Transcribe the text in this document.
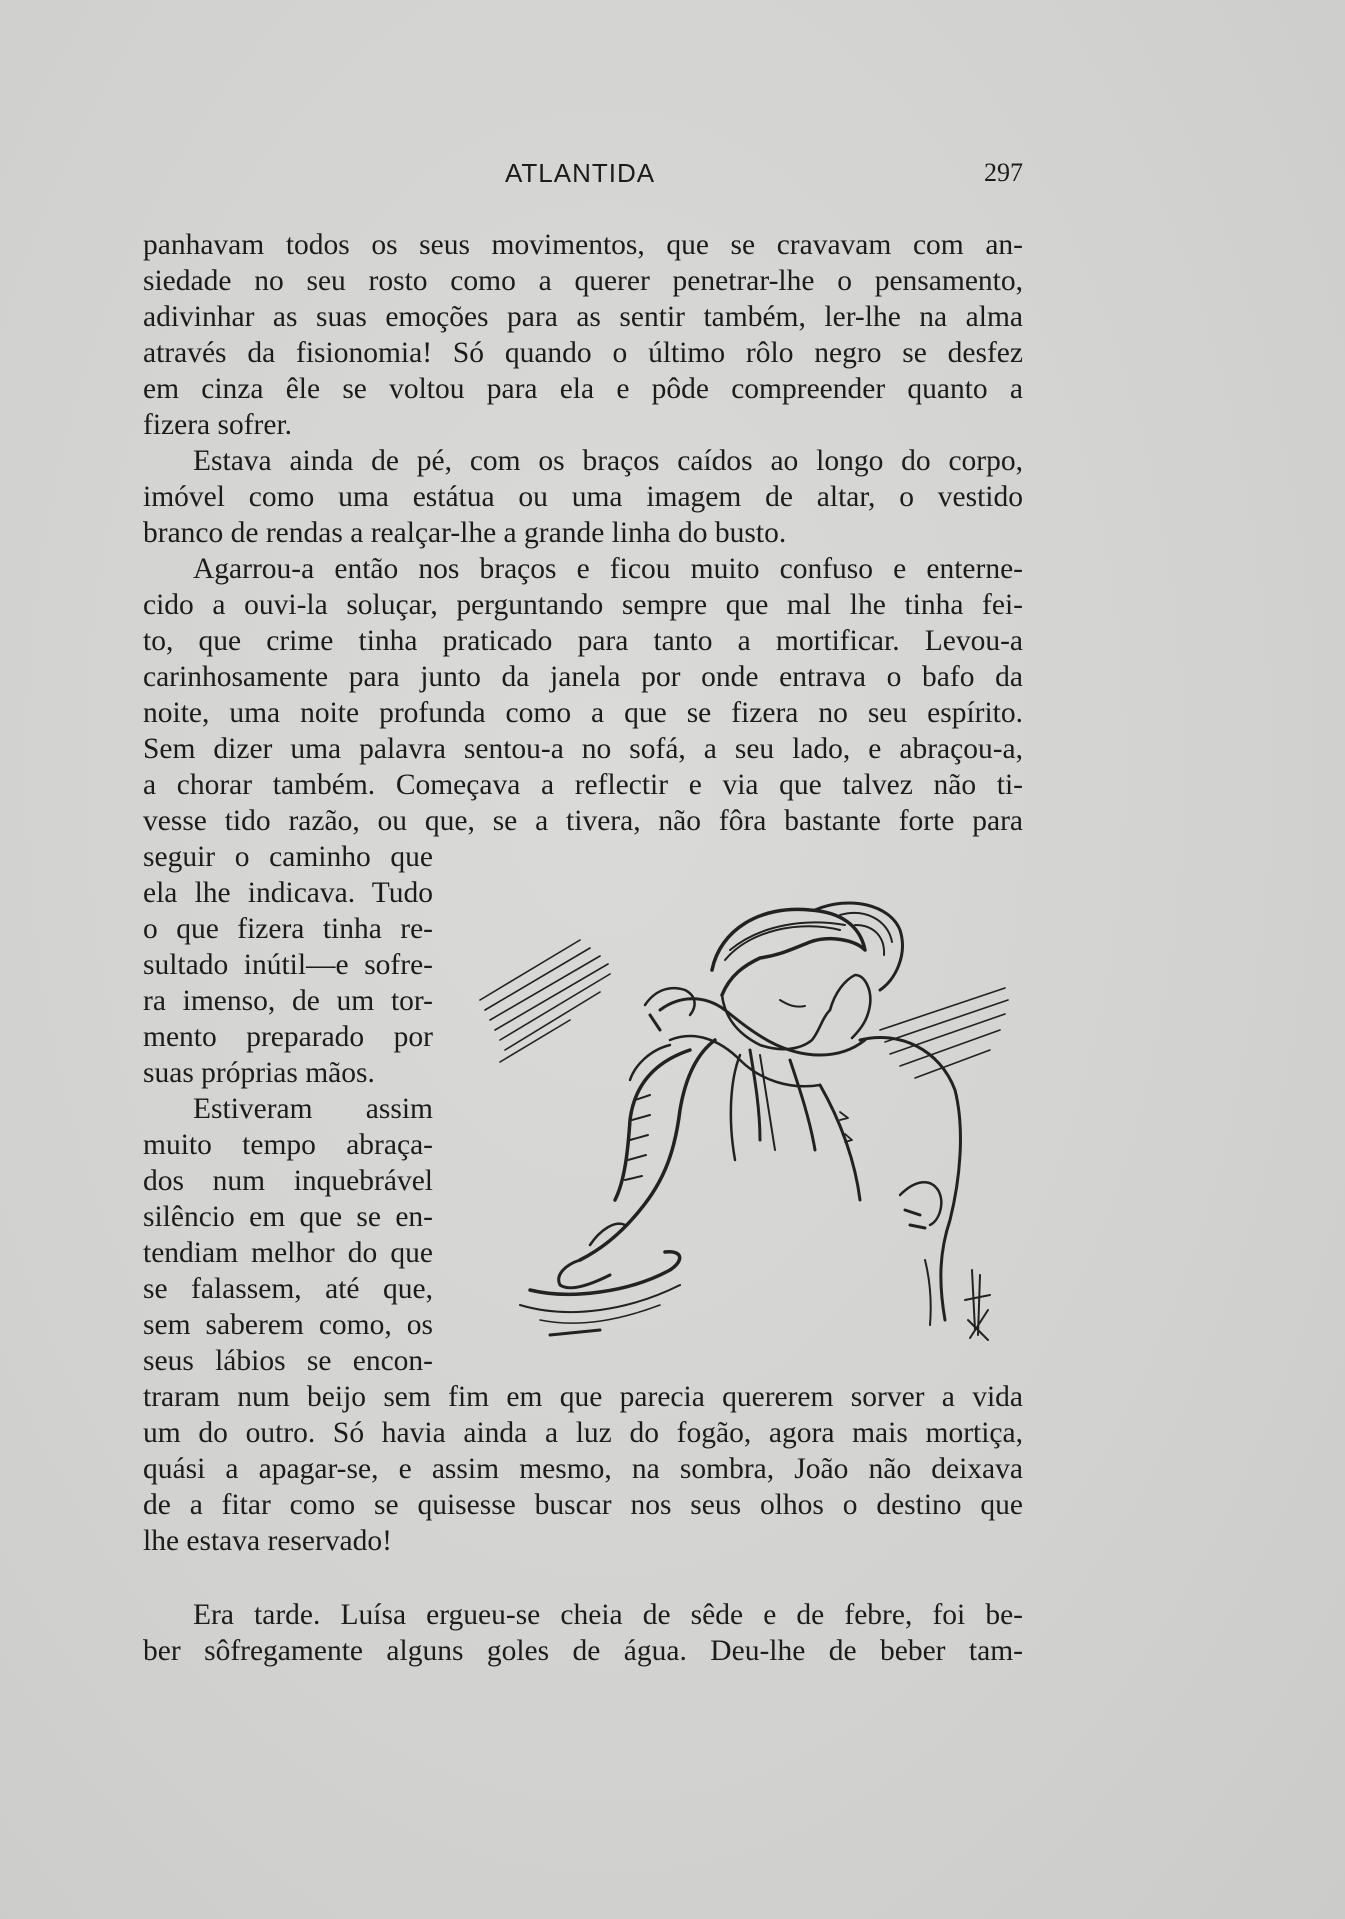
ATLANTIDA	297
panhavam todos os seus movimentos, que se cravavam com an-
siedade no seu rosto como a querer penetrar-lhe o pensamento,
adivinhar as suas emoções para as sentir também, ler-lhe na alma
através da fisionomia! Só quando o último rôlo negro se desfez
em cinza êle se voltou para ela e pôde compreender quanto a
fizera sofrer.
Estava ainda de pé, com os braços caídos ao longo do corpo,
imóvel como uma estátua ou uma imagem de altar, o vestido
branco de rendas a realçar-lhe a grande linha do busto.
Agarrou-a então nos braços e ficou muito confuso e enterne-
cido a ouvi-la soluçar, perguntando sempre que mal lhe tinha fei-
to, que crime tinha praticado para tanto a mortificar. Levou-a
carinhosamente para junto da janela por onde entrava o bafo da
noite, uma noite profunda como a que se fizera no seu espírito.
Sem dizer uma palavra sentou-a no sofá, a seu lado, e abraçou-a,
a chorar também. Começava a reflectir e via que talvez não ti-
vesse tido razão, ou que, se a tivera, não fôra bastante forte para
seguir o caminho que
ela lhe indicava. Tudo
o que fizera tinha re-
sultado inútil—e sofre-
ra imenso, de um tor-
mento preparado por
suas próprias mãos.
Estiveram assim
muito tempo abraça-
dos num inquebrável
silêncio em que se en-
tendiam melhor do que
se falassem, até que,
sem saberem como, os
seus lábios se encon-
traram num beijo sem fim em que parecia quererem sorver a vida
um do outro. Só havia ainda a luz do fogão, agora mais mortiça,
quási a apagar-se, e assim mesmo, na sombra, João não deixava
de a fitar como se quisesse buscar nos seus olhos o destino que
lhe estava reservado!
Era tarde. Luísa ergueu-se cheia de sêde e de febre, foi be-
ber sôfregamente alguns goles de água. Deu-lhe de beber tam-
